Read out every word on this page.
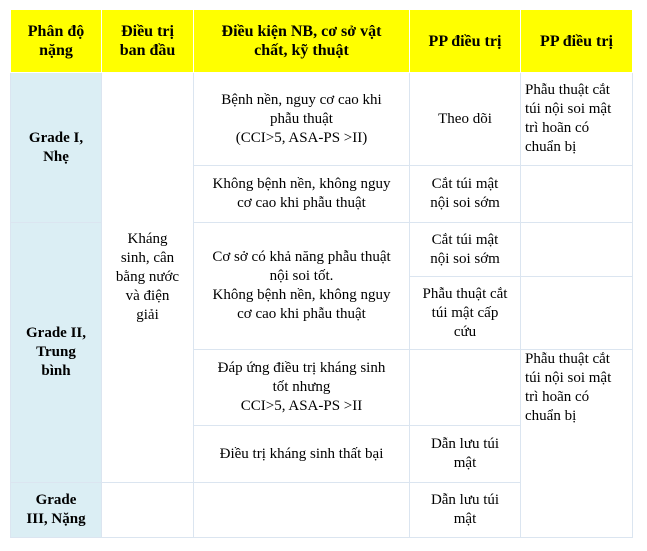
Phân độ
nặng	Điều trị
ban đầu	Điều kiện NB, cơ sở vật
chất, kỹ thuật	PP điều trị	PP điều trị

Grade I,
Nhẹ	Kháng
sinh, cân
bằng nước
và điện
giải	Bệnh nền, nguy cơ cao khi
phẫu thuật
(CCI>5, ASA-PS >II)	Theo dõi	Phẫu thuật cắt
túi nội soi mật
trì hoãn có
chuẩn bị

		Không bệnh nền, không nguy
cơ cao khi phẫu thuật	Cắt túi mật
nội soi sớm	

Grade II,
Trung
bình		Cơ sở có khả năng phẫu thuật
nội soi tốt.
Không bệnh nền, không nguy
cơ cao khi phẫu thuật	Cắt túi mật
nội soi sớm	

			Phẫu thuật cắt
túi mật cấp
cứu	

		Đáp ứng điều trị kháng sinh
tốt nhưng
CCI>5, ASA-PS >II		Phẫu thuật cắt
túi nội soi mật
trì hoãn có
chuẩn bị

		Điều trị kháng sinh thất bại	Dẫn lưu túi
mật	

Grade
III, Nặng			Dẫn lưu túi
mật	
